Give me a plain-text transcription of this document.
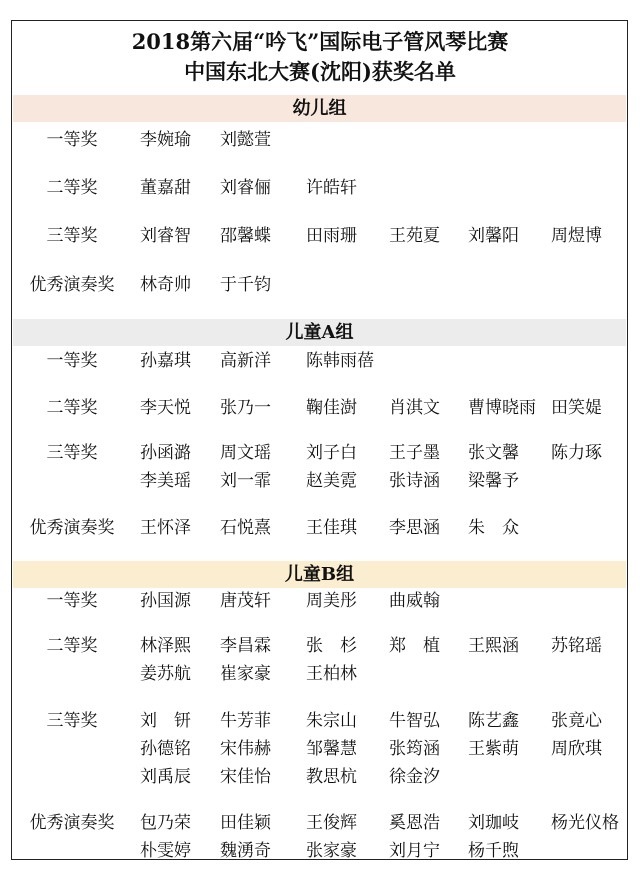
2018第六届“吟飞”国际电子管风琴比赛
中国东北大赛(沈阳)获奖名单
幼儿组
儿童A组
儿童B组
一等奖	李婉瑜 刘懿萱
二等奖	董嘉甜 刘睿俪 许皓轩
三等奖	刘睿智 邵馨蝶 田雨珊 王苑夏 刘馨阳 周煜博
优秀演奏奖	林奇帅 于千钧
一等奖	孙嘉琪 高新洋 陈韩雨蓓
二等奖	李天悦 张乃一 鞠佳澍 肖淇文 曹博晓雨 田笑媞
三等奖	孙函潞 周文瑶 刘子白 王子墨 张文馨 陈力琢
李美瑶 刘一霏 赵美霓 张诗涵 梁馨予
优秀演奏奖	王怀泽 石悦熹 王佳琪 李思涵 朱　众
一等奖	孙国源 唐茂轩 周美彤 曲威翰
二等奖	林泽熙 李昌霖 张　杉 郑　植 王熙涵 苏铭瑶
姜苏航 崔家豪 王柏林
三等奖	刘　钘 牛芳菲 朱宗山 牛智弘 陈艺鑫 张竟心
孙德铭 宋伟赫 邹馨慧 张筠涵 王紫萌 周欣琪
刘禹辰 宋佳怡 教思杭 徐金汐
优秀演奏奖	包乃荣 田佳颖 王俊辉 奚恩浩 刘珈岐 杨光仪格
朴雯婷 魏湧奇 张家豪 刘月宁 杨千煦
